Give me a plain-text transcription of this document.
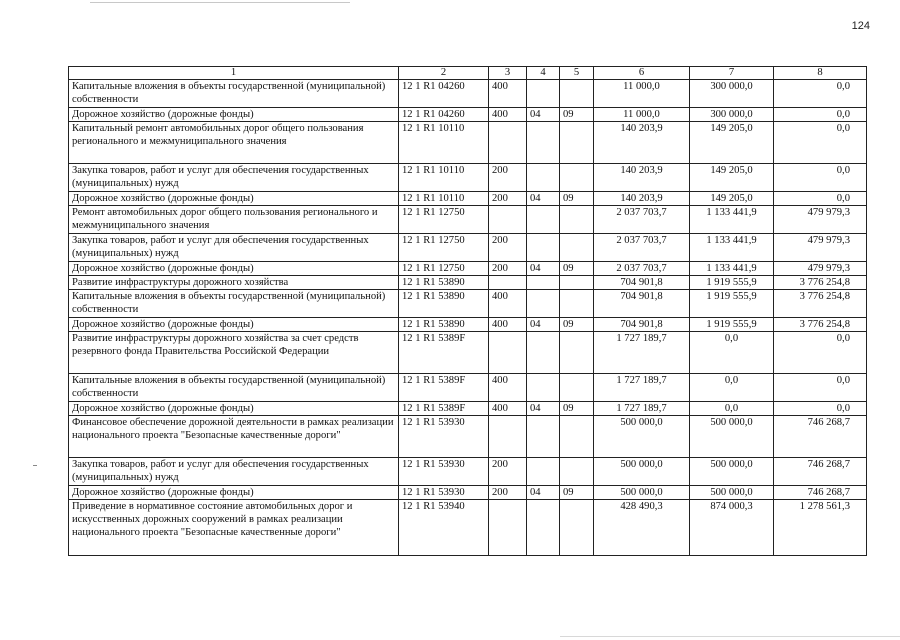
124
1	2	3	4	5	6	7	8
Капитальные вложения в объекты государственной (муниципальной) собственности	12 1 R1 04260	400			11 000,0	300 000,0	0,0
Дорожное хозяйство (дорожные фонды)	12 1 R1 04260	400	04	09	11 000,0	300 000,0	0,0
Капитальный ремонт автомобильных дорог общего пользования регионального и межмуниципального значения	12 1 R1 10110				140 203,9	149 205,0	0,0
Закупка товаров, работ и услуг для обеспечения государственных (муниципальных) нужд	12 1 R1 10110	200			140 203,9	149 205,0	0,0
Дорожное хозяйство (дорожные фонды)	12 1 R1 10110	200	04	09	140 203,9	149 205,0	0,0
Ремонт автомобильных дорог общего пользования регионального и межмуниципального значения	12 1 R1 12750				2 037 703,7	1 133 441,9	479 979,3
Закупка товаров, работ и услуг для обеспечения государственных (муниципальных) нужд	12 1 R1 12750	200			2 037 703,7	1 133 441,9	479 979,3
Дорожное хозяйство (дорожные фонды)	12 1 R1 12750	200	04	09	2 037 703,7	1 133 441,9	479 979,3
Развитие инфраструктуры дорожного хозяйства	12 1 R1 53890				704 901,8	1 919 555,9	3 776 254,8
Капитальные вложения в объекты государственной (муниципальной) собственности	12 1 R1 53890	400			704 901,8	1 919 555,9	3 776 254,8
Дорожное хозяйство (дорожные фонды)	12 1 R1 53890	400	04	09	704 901,8	1 919 555,9	3 776 254,8
Развитие инфраструктуры дорожного хозяйства за счет средств резервного фонда Правительства Российской Федерации	12 1 R1 5389F				1 727 189,7	0,0	0,0
Капитальные вложения в объекты государственной (муниципальной) собственности	12 1 R1 5389F	400			1 727 189,7	0,0	0,0
Дорожное хозяйство (дорожные фонды)	12 1 R1 5389F	400	04	09	1 727 189,7	0,0	0,0
Финансовое обеспечение дорожной деятельности в рамках реализации национального проекта "Безопасные качественные дороги"	12 1 R1 53930				500 000,0	500 000,0	746 268,7
Закупка товаров, работ и услуг для обеспечения государственных (муниципальных) нужд	12 1 R1 53930	200			500 000,0	500 000,0	746 268,7
Дорожное хозяйство (дорожные фонды)	12 1 R1 53930	200	04	09	500 000,0	500 000,0	746 268,7
Приведение в нормативное состояние автомобильных дорог и искусственных дорожных сооружений в рамках реализации национального проекта "Безопасные качественные дороги"	12 1 R1 53940				428 490,3	874 000,3	1 278 561,3
